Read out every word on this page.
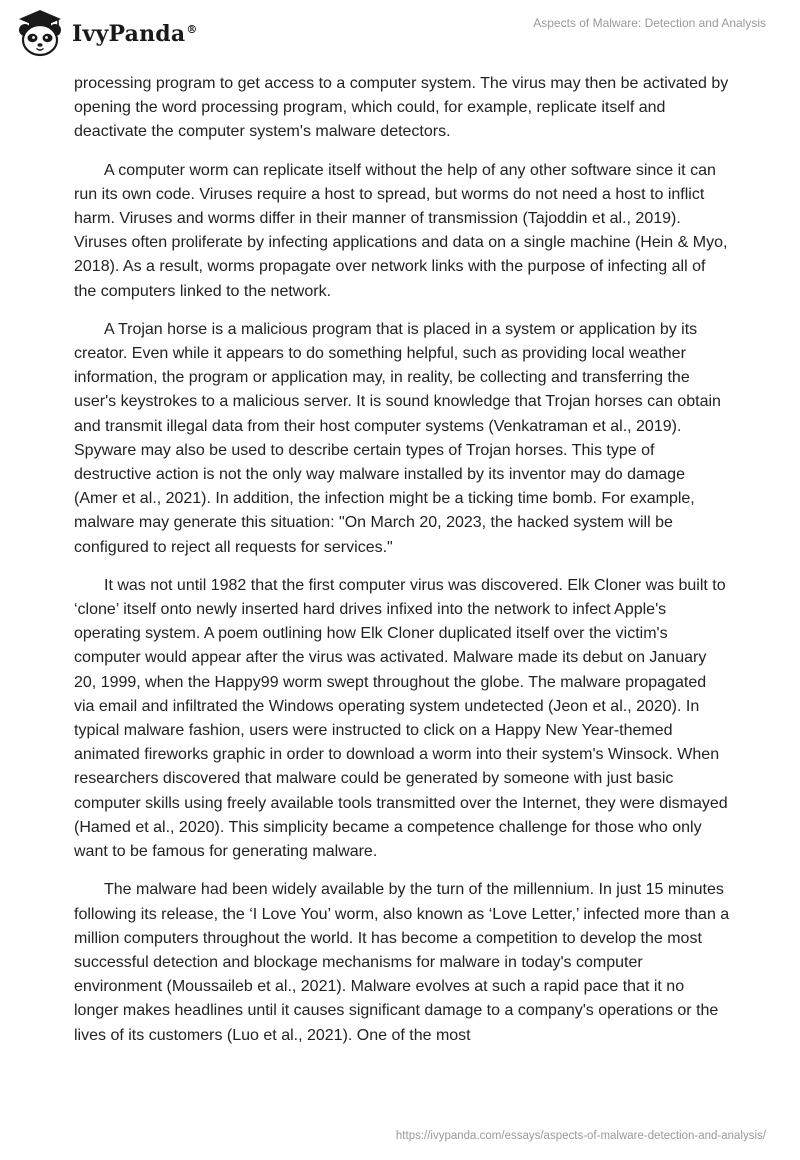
IvyPanda®	Aspects of Malware: Detection and Analysis

processing program to get access to a computer system. The virus may then be activated by opening the word processing program, which could, for example, replicate itself and deactivate the computer system's malware detectors.

A computer worm can replicate itself without the help of any other software since it can run its own code. Viruses require a host to spread, but worms do not need a host to inflict harm. Viruses and worms differ in their manner of transmission (Tajoddin et al., 2019). Viruses often proliferate by infecting applications and data on a single machine (Hein & Myo, 2018). As a result, worms propagate over network links with the purpose of infecting all of the computers linked to the network.

A Trojan horse is a malicious program that is placed in a system or application by its creator. Even while it appears to do something helpful, such as providing local weather information, the program or application may, in reality, be collecting and transferring the user's keystrokes to a malicious server. It is sound knowledge that Trojan horses can obtain and transmit illegal data from their host computer systems (Venkatraman et al., 2019). Spyware may also be used to describe certain types of Trojan horses. This type of destructive action is not the only way malware installed by its inventor may do damage (Amer et al., 2021). In addition, the infection might be a ticking time bomb. For example, malware may generate this situation: "On March 20, 2023, the hacked system will be configured to reject all requests for services."

It was not until 1982 that the first computer virus was discovered. Elk Cloner was built to ‘clone’ itself onto newly inserted hard drives infixed into the network to infect Apple's operating system. A poem outlining how Elk Cloner duplicated itself over the victim's computer would appear after the virus was activated. Malware made its debut on January 20, 1999, when the Happy99 worm swept throughout the globe. The malware propagated via email and infiltrated the Windows operating system undetected (Jeon et al., 2020). In typical malware fashion, users were instructed to click on a Happy New Year-themed animated fireworks graphic in order to download a worm into their system's Winsock. When researchers discovered that malware could be generated by someone with just basic computer skills using freely available tools transmitted over the Internet, they were dismayed (Hamed et al., 2020). This simplicity became a competence challenge for those who only want to be famous for generating malware.

The malware had been widely available by the turn of the millennium. In just 15 minutes following its release, the ‘I Love You’ worm, also known as ‘Love Letter,’ infected more than a million computers throughout the world. It has become a competition to develop the most successful detection and blockage mechanisms for malware in today's computer environment (Moussaileb et al., 2021). Malware evolves at such a rapid pace that it no longer makes headlines until it causes significant damage to a company's operations or the lives of its customers (Luo et al., 2021). One of the most

https://ivypanda.com/essays/aspects-of-malware-detection-and-analysis/
